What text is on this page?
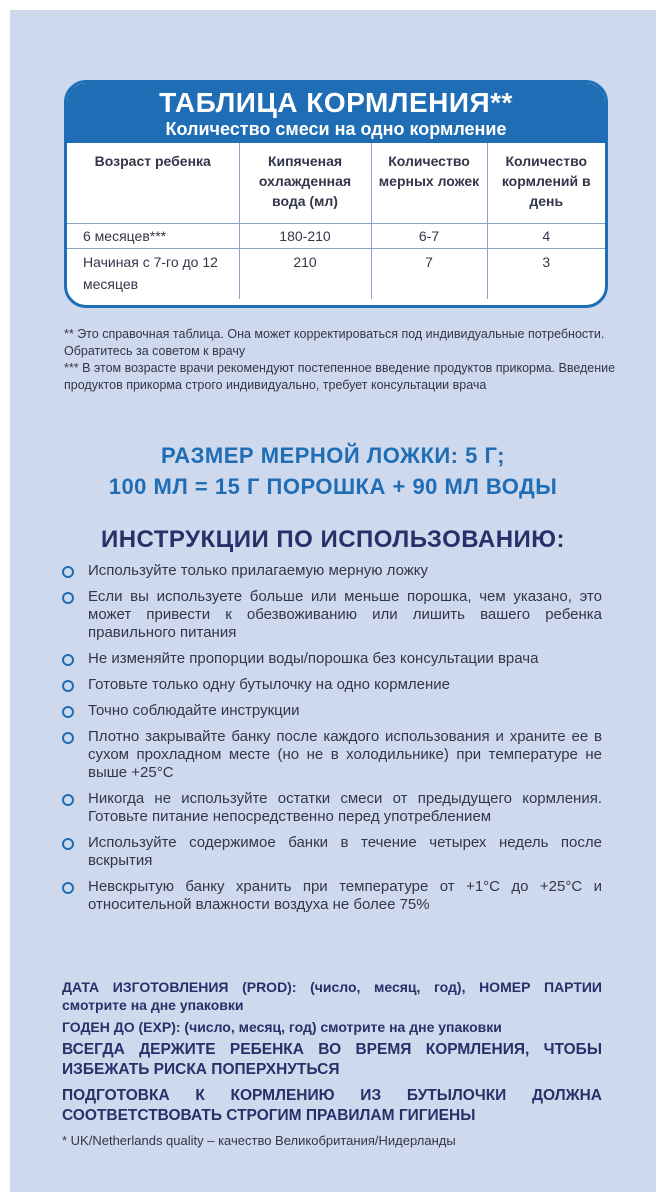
ТАБЛИЦА КОРМЛЕНИЯ**
Количество смеси на одно кормление
Возраст ребенка	Кипяченая охлажденная вода (мл)	Количество мерных ложек	Количество кормлений в день
6 месяцев***	180-210	6-7	4
Начиная с 7-го до 12 месяцев	210	7	3

** Это справочная таблица. Она может корректироваться под индивидуальные потребности. Обратитесь за советом к врачу

*** В этом возрасте врачи рекомендуют постепенное введение продуктов прикорма. Введение продуктов прикорма строго индивидуально, требует консультации врача

РАЗМЕР МЕРНОЙ ЛОЖКИ: 5 Г;
100 МЛ = 15 Г ПОРОШКА + 90 МЛ ВОДЫ
ИНСТРУКЦИИ ПО ИСПОЛЬЗОВАНИЮ:
Используйте только прилагаемую мерную ложку
Если вы используете больше или меньше порошка, чем указано, это может привести к обезвоживанию или лишить вашего ребенка правильного питания
Не изменяйте пропорции воды/порошка без консультации врача
Готовьте только одну бутылочку на одно кормление
Точно соблюдайте инструкции
Плотно закрывайте банку после каждого использования и храните ее в сухом прохладном месте (но не в холодильнике) при температуре не выше +25°С
Никогда не используйте остатки смеси от предыдущего кормления. Готовьте питание непосредственно перед употреблением
Используйте содержимое банки в течение четырех недель после вскрытия
Невскрытую банку хранить при температуре от +1°С до +25°С и относительной влажности воздуха не более 75%

ДАТА ИЗГОТОВЛЕНИЯ (PROD): (число, месяц, год), НОМЕР ПАРТИИ смотрите на дне упаковки

ГОДЕН ДО (EXP): (число, месяц, год) смотрите на дне упаковки

ВСЕГДА ДЕРЖИТЕ РЕБЕНКА ВО ВРЕМЯ КОРМЛЕНИЯ, ЧТОБЫ ИЗБЕЖАТЬ РИСКА ПОПЕРХНУТЬСЯ

ПОДГОТОВКА К КОРМЛЕНИЮ ИЗ БУТЫЛОЧКИ ДОЛЖНА СООТВЕТСТВОВАТЬ СТРОГИМ ПРАВИЛАМ ГИГИЕНЫ

* UK/Netherlands quality – качество Великобритания/Нидерланды
